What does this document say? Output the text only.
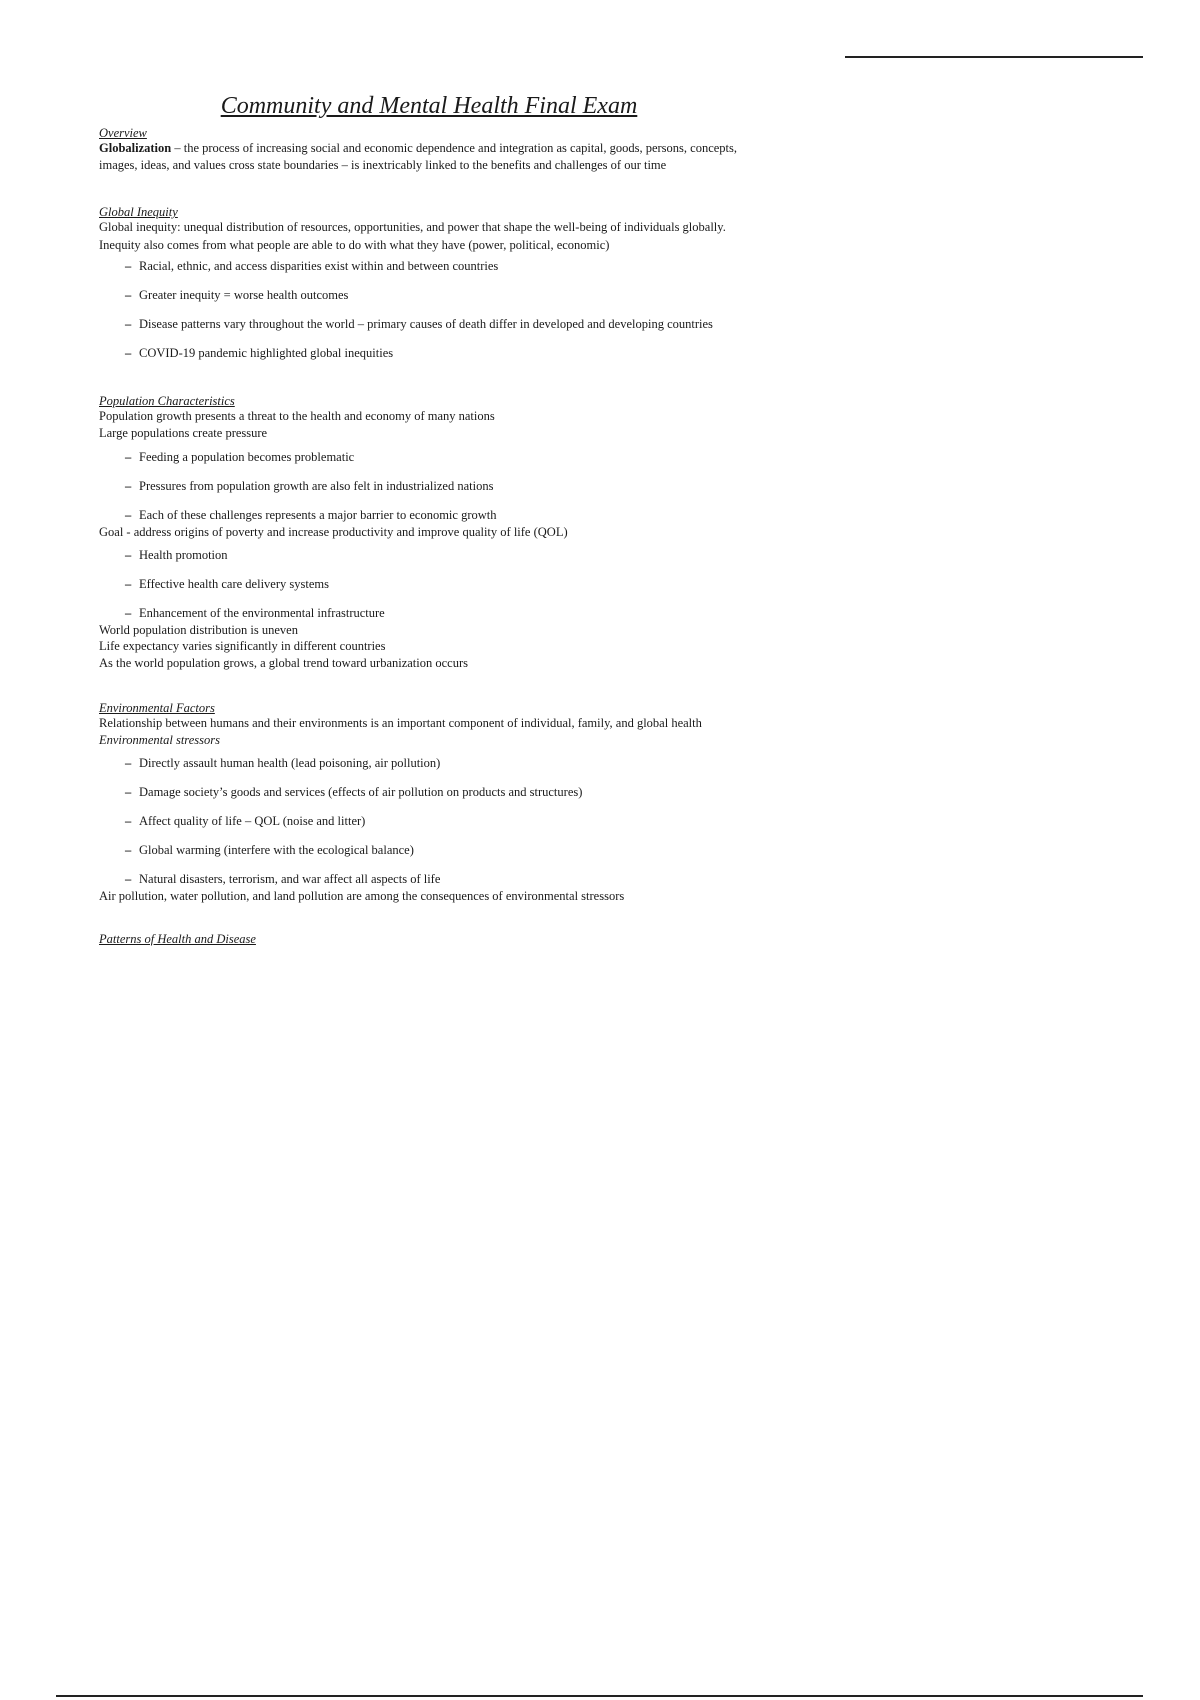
Community and Mental Health Final Exam
Overview

Globalization – the process of increasing social and economic dependence and integration as capital, goods, persons, concepts, images, ideas, and values cross state boundaries – is inextricably linked to the benefits and challenges of our time

Global Inequity

Global inequity: unequal distribution of resources, opportunities, and power that shape the well-being of individuals globally. Inequity also comes from what people are able to do with what they have (power, political, economic)

– Racial, ethnic, and access disparities exist within and between countries
– Greater inequity = worse health outcomes
– Disease patterns vary throughout the world – primary causes of death differ in developed and developing countries
– COVID-19 pandemic highlighted global inequities
Population Characteristics

Population growth presents a threat to the health and economy of many nations

Large populations create pressure

– Feeding a population becomes problematic
– Pressures from population growth are also felt in industrialized nations
– Each of these challenges represents a major barrier to economic growth

Goal - address origins of poverty and increase productivity and improve quality of life (QOL)

– Health promotion
– Effective health care delivery systems
– Enhancement of the environmental infrastructure

World population distribution is uneven

Life expectancy varies significantly in different countries

As the world population grows, a global trend toward urbanization occurs

Environmental Factors

Relationship between humans and their environments is an important component of individual, family, and global health

Environmental stressors
– Directly assault human health (lead poisoning, air pollution)
– Damage society’s goods and services (effects of air pollution on products and structures)
– Affect quality of life – QOL (noise and litter)
– Global warming (interfere with the ecological balance)
– Natural disasters, terrorism, and war affect all aspects of life

Air pollution, water pollution, and land pollution are among the consequences of environmental stressors

Patterns of Health and Disease
